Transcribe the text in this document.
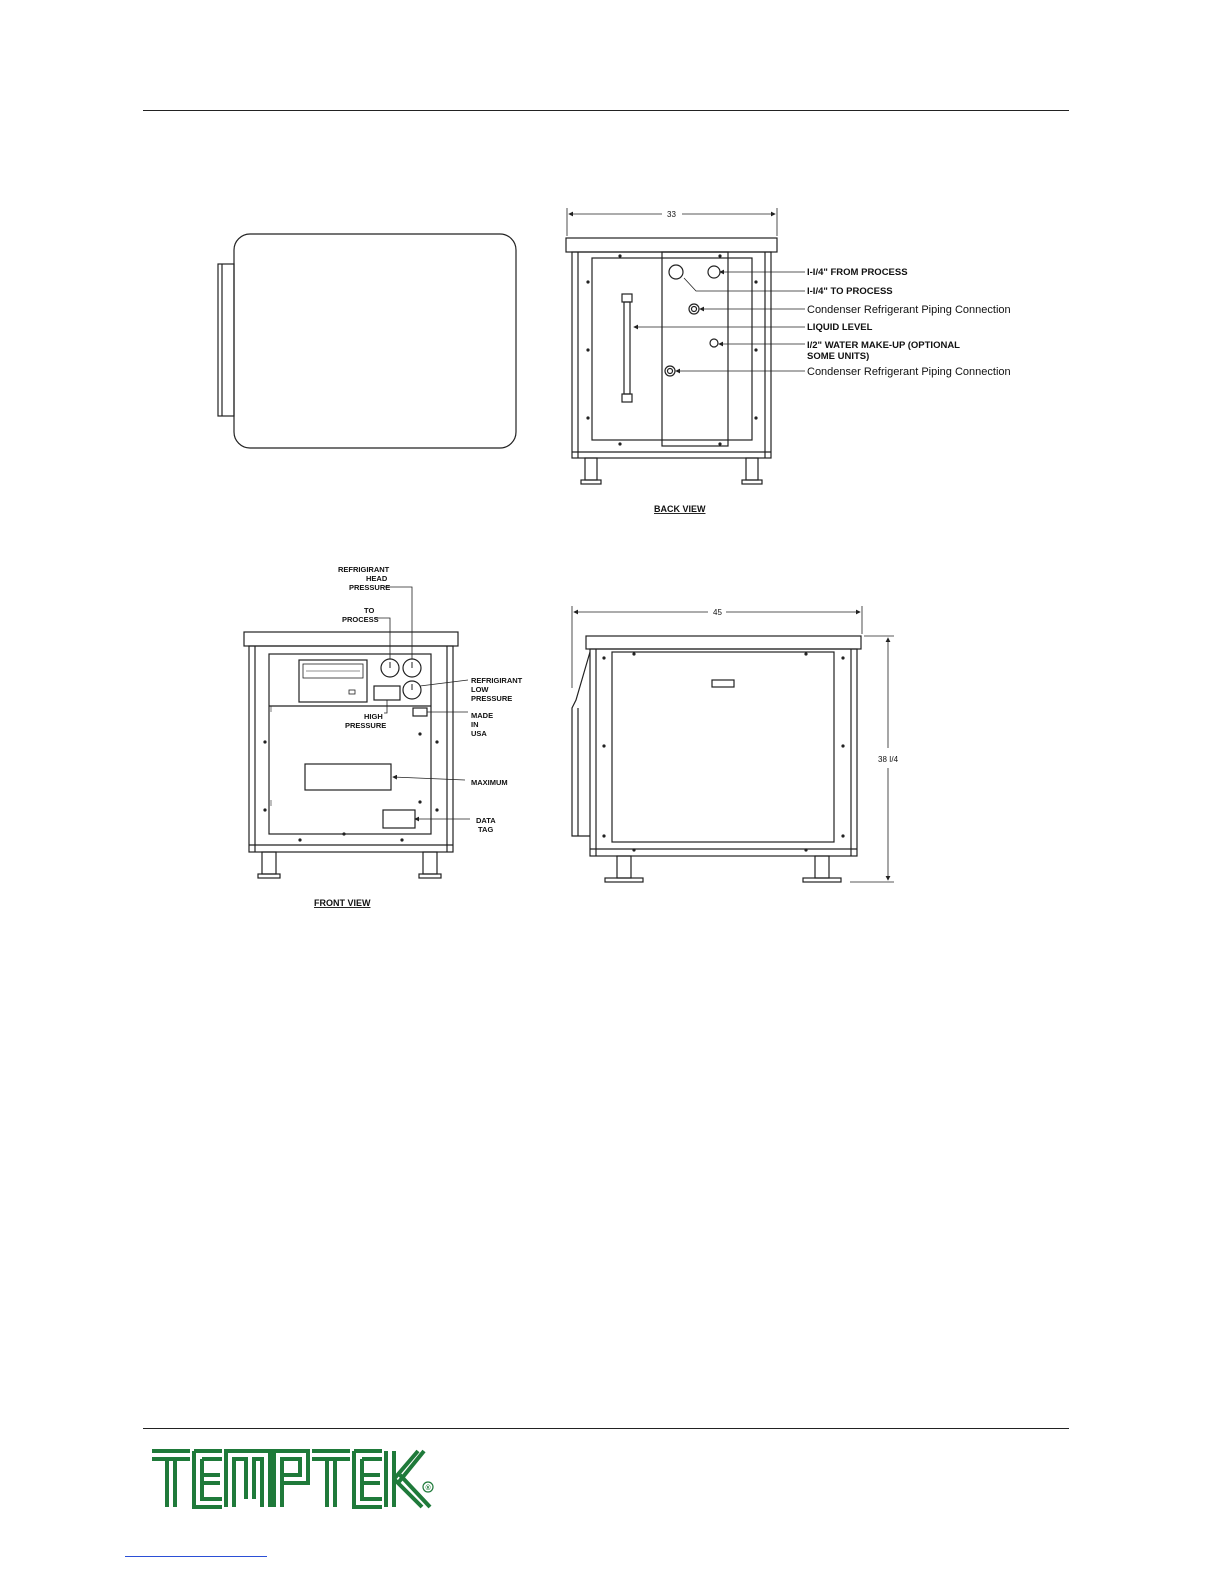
33
I-I/4" FROM PROCESS
I-I/4" TO PROCESS
Condenser Refrigerant Piping Connection
LIQUID LEVEL
I/2" WATER MAKE-UP (OPTIONAL
SOME UNITS)
Condenser Refrigerant Piping Connection
BACK VIEW
REFRIGIRANT
HEAD
PRESSURE
TO
PROCESS
REFRIGIRANT
LOW
PRESSURE
HIGH
PRESSURE
MADE
IN
USA
MAXIMUM
DATA
TAG
FRONT VIEW
45
38 I/4
®
TEMPTEK
